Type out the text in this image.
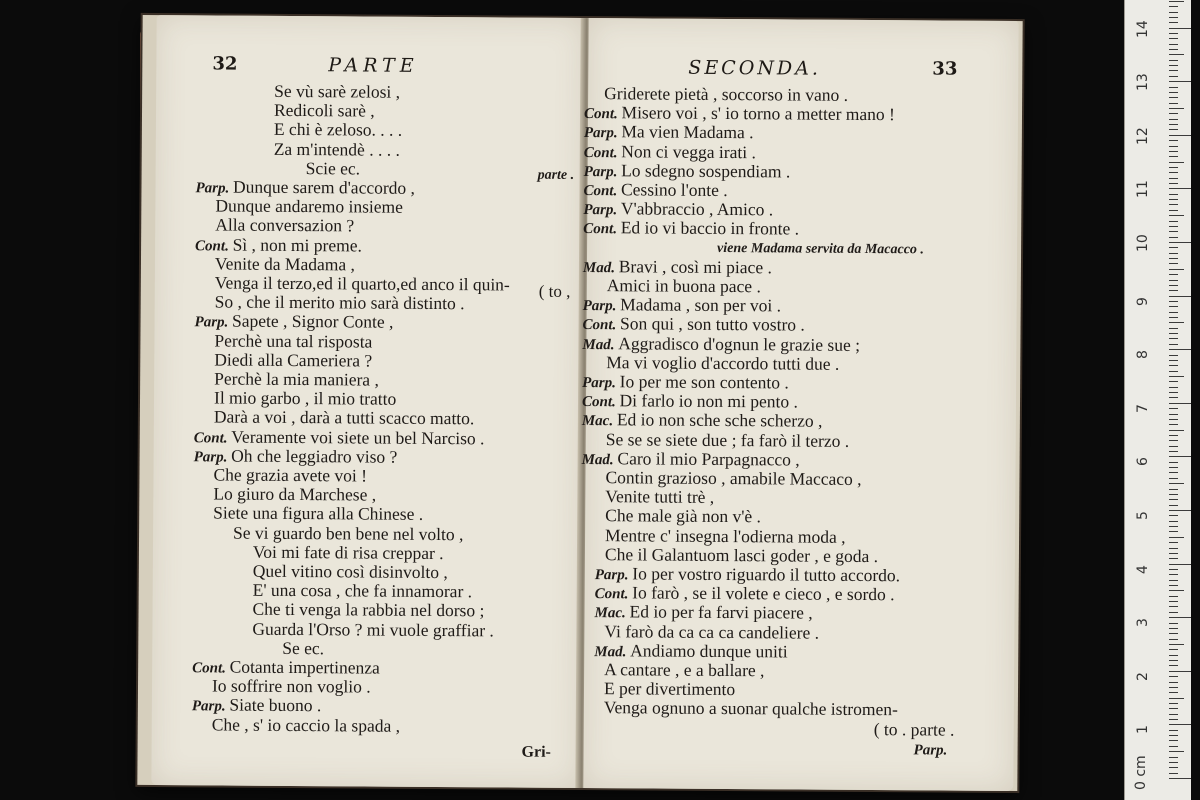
32	PARTE
Se vù sarè zelosi ,
Redicoli sarè ,
E chi è zeloso. . . .
Za m'intendè . . . .
Scie ec.
Parp. Dunque sarem d'accordo ,
Dunque andaremo insieme
Alla conversazion ?
Cont. Sì , non mi preme.
Venite da Madama ,
Venga il terzo,ed il quarto,ed anco il quin-
So , che il merito mio sarà distinto .
Parp. Sapete , Signor Conte ,
Perchè una tal risposta
Diedi alla Cameriera ?
Perchè la mia maniera ,
Il mio garbo , il mio tratto
Darà a voi , darà a tutti scacco matto.
Cont. Veramente voi siete un bel Narciso .
Parp. Oh che leggiadro viso ?
Che grazia avete voi !
Lo giuro da Marchese ,
Siete una figura alla Chinese .
Se vi guardo ben bene nel volto ,
Voi mi fate di risa creppar .
Quel vitino così disinvolto ,
E' una cosa , che fa innamorar .
Che ti venga la rabbia nel dorso ;
Guarda l'Orso ? mi vuole graffiar .
Se ec.
Cont. Cotanta impertinenza
Io soffrire non voglio .
Parp. Siate buono .
Che , s' io caccio la spada ,
parte .
( to ,
Gri-
SECONDA.	33
Griderete pietà , soccorso in vano .
Cont. Misero voi , s' io torno a metter mano !
Parp. Ma vien Madama .
Cont. Non ci vegga irati .
Parp. Lo sdegno sospendiam .
Cont. Cessino l'onte .
Parp. V'abbraccio , Amico .
Cont. Ed io vi baccio in fronte .
viene Madama servita da Macacco .
Mad. Bravi , così mi piace .
Amici in buona pace .
Parp. Madama , son per voi .
Cont. Son qui , son tutto vostro .
Mad. Aggradisco d'ognun le grazie sue ;
Ma vi voglio d'accordo tutti due .
Parp. Io per me son contento .
Cont. Di farlo io non mi pento .
Mac. Ed io non sche sche scherzo ,
Se se se siete due ; fa farò il terzo .
Mad. Caro il mio Parpagnacco ,
Contin grazioso , amabile Maccaco ,
Venite tutti trè ,
Che male già non v'è .
Mentre c' insegna l'odierna moda ,
Che il Galantuom lasci goder , e goda .
Parp. Io per vostro riguardo il tutto accordo.
Cont. Io farò , se il volete e cieco , e sordo .
Mac. Ed io per fa farvi piacere ,
Vi farò da ca ca ca candeliere .
Mad. Andiamo dunque uniti
A cantare , e a ballare ,
E per divertimento
Venga ognuno a suonar qualche istromen-
( to . parte .
Parp.
0 cm
1
2
3
4
5
6
7
8
9
10
11
12
13
14
